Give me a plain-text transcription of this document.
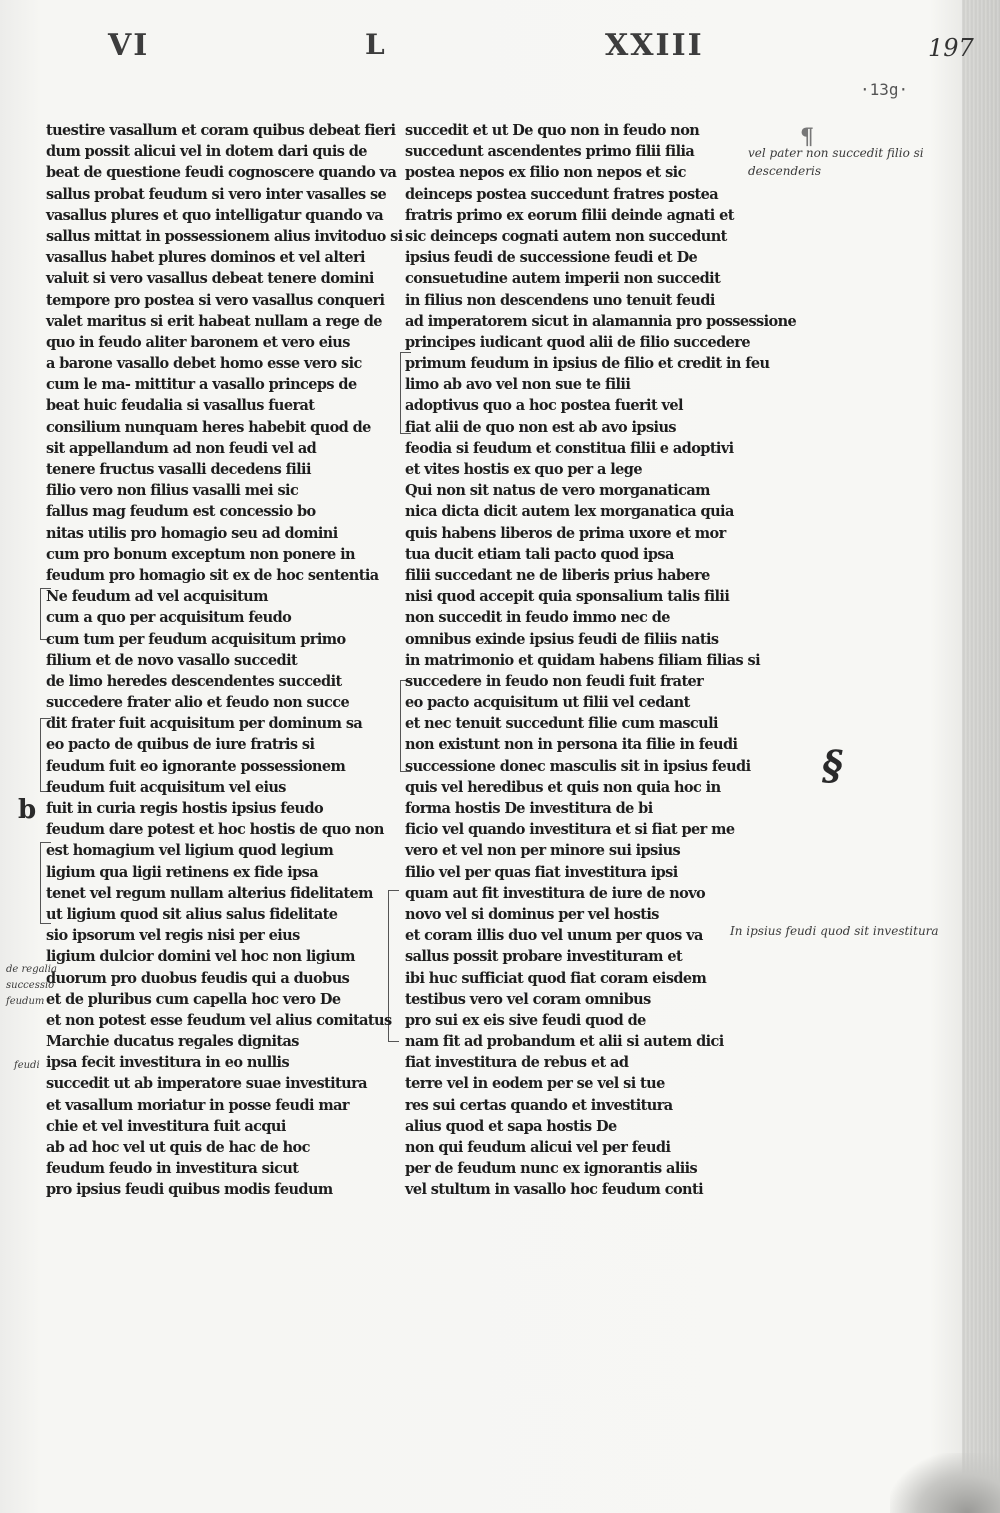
VI	L	XXIII	197
·13g·
¶
vel pater non succedit filio si
descenderis
In ipsius feudi quod sit investitura
de regalia
successio
feudum
feudi
b
§
tuestire vasallum et coram quibus debeat fieri
dum possit alicui vel in dotem dari quis de
beat de questione feudi cognoscere quando va
sallus probat feudum si vero inter vasalles se
vasallus plures et quo intelligatur quando va
sallus mittat in possessionem alius invitoduo si
vasallus habet plures dominos et vel alteri
valuit si vero vasallus debeat tenere domini
tempore pro postea si vero vasallus conqueri
valet maritus si erit habeat nullam a rege de
quo in feudo aliter baronem et vero eius
a barone vasallo debet homo esse vero sic
cum le ma- mittitur a vasallo princeps de
beat huic feudalia si vasallus fuerat
consilium nunquam heres habebit quod de
sit appellandum ad non feudi vel ad
tenere fructus vasalli decedens filii
filio vero non filius vasalli mei sic
fallus mag feudum est concessio bo
nitas utilis pro homagio seu ad domini
cum pro bonum exceptum non ponere in
feudum pro homagio sit ex de hoc sententia
Ne feudum ad vel acquisitum
cum a quo per acquisitum feudo
cum tum per feudum acquisitum primo
filium et de novo vasallo succedit
de limo heredes descendentes succedit
succedere frater alio et feudo non succe
dit frater fuit acquisitum per dominum sa
eo pacto de quibus de iure fratris si
feudum fuit eo ignorante possessionem
feudum fuit acquisitum vel eius
fuit in curia regis hostis ipsius feudo
feudum dare potest et hoc hostis de quo non
est homagium vel ligium quod legium
ligium qua ligii retinens ex fide ipsa
tenet vel regum nullam alterius fidelitatem
ut ligium quod sit alius salus fidelitate
sio ipsorum vel regis nisi per eius
ligium dulcior domini vel hoc non ligium
duorum pro duobus feudis qui a duobus
et de pluribus cum capella hoc vero De
et non potest esse feudum vel alius comitatus
Marchie ducatus regales dignitas
ipsa fecit investitura in eo nullis
succedit ut ab imperatore suae investitura
et vasallum moriatur in posse feudi mar
chie et vel investitura fuit acqui
ab ad hoc vel ut quis de hac de hoc
feudum feudo in investitura sicut
pro ipsius feudi quibus modis feudum
succedit et ut De quo non in feudo non
succedunt ascendentes primo filii filia
postea nepos ex filio non nepos et sic
deinceps postea succedunt fratres postea
fratris primo ex eorum filii deinde agnati et
sic deinceps cognati autem non succedunt
ipsius feudi de successione feudi et De
consuetudine autem imperii non succedit
in filius non descendens uno tenuit feudi
ad imperatorem sicut in alamannia pro possessione
principes iudicant quod alii de filio succedere
primum feudum in ipsius de filio et credit in feu
limo ab avo vel non sue te filii
adoptivus quo a hoc postea fuerit vel
fiat alii de quo non est ab avo ipsius
feodia si feudum et constitua filii e adoptivi
et vites hostis ex quo per a lege
Qui non sit natus de vero morganaticam
nica dicta dicit autem lex morganatica quia
quis habens liberos de prima uxore et mor
tua ducit etiam tali pacto quod ipsa
filii succedant ne de liberis prius habere
nisi quod accepit quia sponsalium talis filii
non succedit in feudo immo nec de
omnibus exinde ipsius feudi de filiis natis
in matrimonio et quidam habens filiam filias si
succedere in feudo non feudi fuit frater
eo pacto acquisitum ut filii vel cedant
et nec tenuit succedunt filie cum masculi
non existunt non in persona ita filie in feudi
successione donec masculis sit in ipsius feudi
quis vel heredibus et quis non quia hoc in
forma hostis De investitura de bi
ficio vel quando investitura et si fiat per me
vero et vel non per minore sui ipsius
filio vel per quas fiat investitura ipsi
quam aut fit investitura de iure de novo
novo vel si dominus per vel hostis
et coram illis duo vel unum per quos va
sallus possit probare investituram et
ibi huc sufficiat quod fiat coram eisdem
testibus vero vel coram omnibus
pro sui ex eis sive feudi quod de
nam fit ad probandum et alii si autem dici
fiat investitura de rebus et ad
terre vel in eodem per se vel si tue
res sui certas quando et investitura
alius quod et sapa hostis De
non qui feudum alicui vel per feudi
per de feudum nunc ex ignorantis aliis
vel stultum in vasallo hoc feudum conti
